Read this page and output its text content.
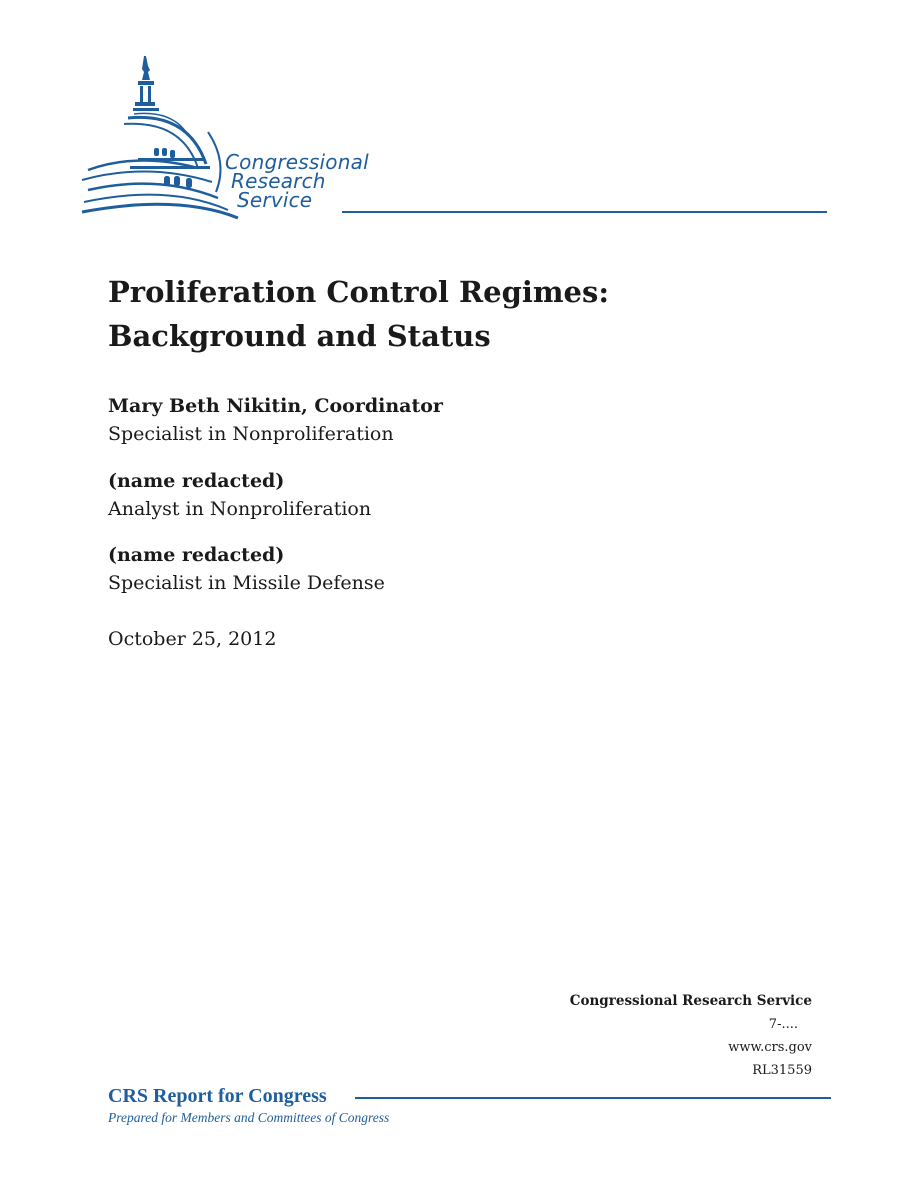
Congressional
Research
Service
Proliferation Control Regimes:
Background and Status
Mary Beth Nikitin, Coordinator
Specialist in Nonproliferation
(name redacted)
Analyst in Nonproliferation
(name redacted)
Specialist in Missile Defense
October 25, 2012
Congressional Research Service
7-....
www.crs.gov
RL31559
CRS Report for Congress
Prepared for Members and Committees of Congress
